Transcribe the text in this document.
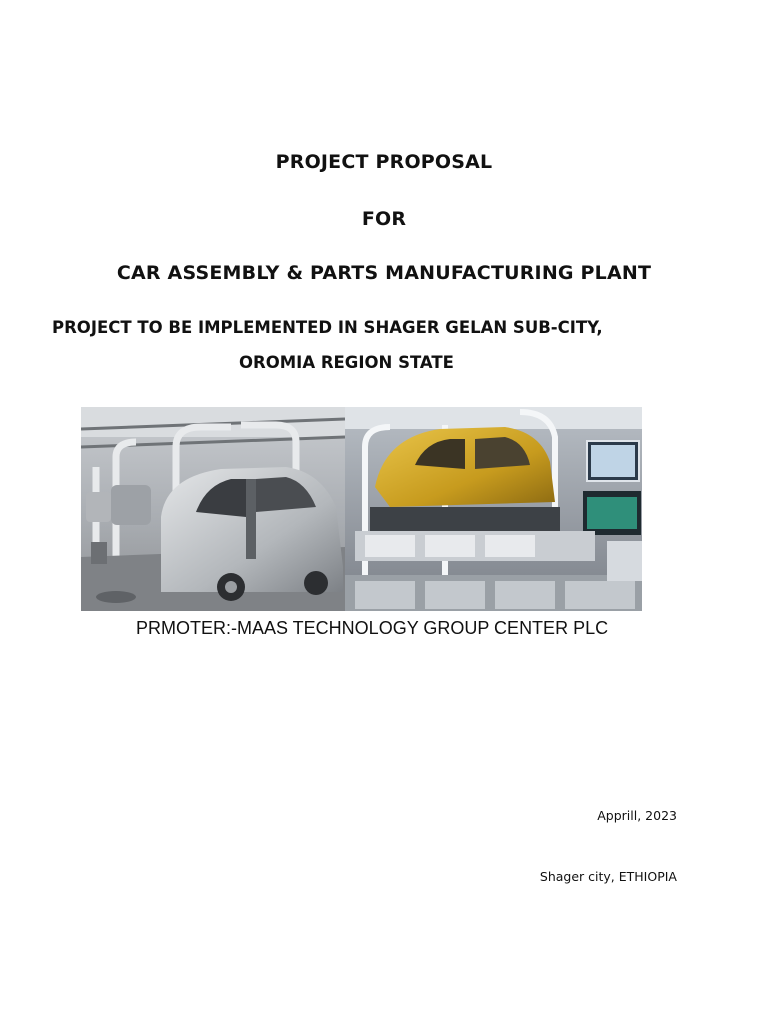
PROJECT PROPOSAL
FOR
CAR ASSEMBLY & PARTS MANUFACTURING PLANT
PROJECT TO BE IMPLEMENTED IN SHAGER GELAN SUB-CITY,
OROMIA REGION STATE
PRMOTER:-MAAS TECHNOLOGY GROUP CENTER PLC
Apprill, 2023
Shager city, ETHIOPIA
